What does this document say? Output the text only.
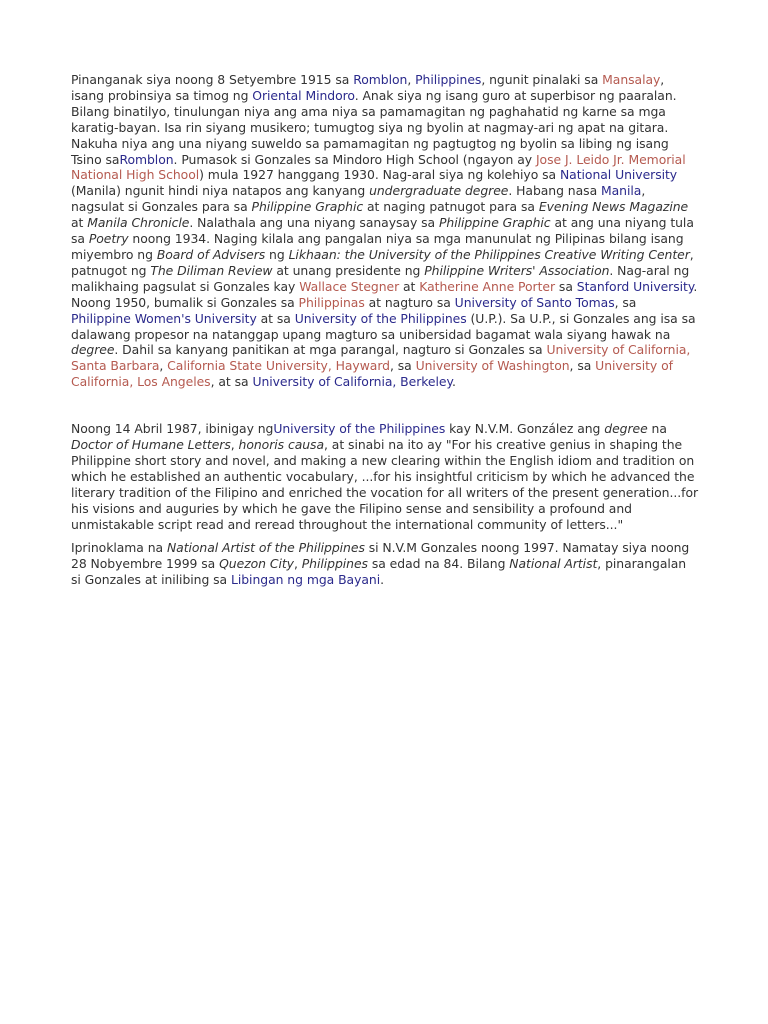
Pinanganak siya noong 8 Setyembre 1915 sa Romblon, Philippines, ngunit pinalaki sa Mansalay, isang probinsiya sa timog ng Oriental Mindoro. Anak siya ng isang guro at superbisor ng paaralan. Bilang binatilyo, tinulungan niya ang ama niya sa pamamagitan ng paghahatid ng karne sa mga karatig-bayan. Isa rin siyang musikero; tumugtog siya ng byolin at nagmay-ari ng apat na gitara. Nakuha niya ang una niyang suweldo sa pamamagitan ng pagtugtog ng byolin sa libing ng isang Tsino saRomblon. Pumasok si Gonzales sa Mindoro High School (ngayon ay Jose J. Leido Jr. Memorial National High School) mula 1927 hanggang 1930. Nag-aral siya ng kolehiyo sa National University (Manila) ngunit hindi niya natapos ang kanyang undergraduate degree. Habang nasa Manila, nagsulat si Gonzales para sa Philippine Graphic at naging patnugot para sa Evening News Magazine at Manila Chronicle. Nalathala ang una niyang sanaysay sa Philippine Graphic at ang una niyang tula sa Poetry noong 1934. Naging kilala ang pangalan niya sa mga manunulat ng Pilipinas bilang isang miyembro ng Board of Advisers ng Likhaan: the University of the Philippines Creative Writing Center, patnugot ng The Diliman Review at unang presidente ng Philippine Writers' Association. Nag-aral ng malikhaing pagsulat si Gonzales kay Wallace Stegner at Katherine Anne Porter sa Stanford University. Noong 1950, bumalik si Gonzales sa Philippinas at nagturo sa University of Santo Tomas, sa Philippine Women's University at sa University of the Philippines (U.P.). Sa U.P., si Gonzales ang isa sa dalawang propesor na natanggap upang magturo sa unibersidad bagamat wala siyang hawak na degree. Dahil sa kanyang panitikan at mga parangal, nagturo si Gonzales sa University of California, Santa Barbara, California State University, Hayward, sa University of Washington, sa University of California, Los Angeles, at sa University of California, Berkeley.

Noong 14 Abril 1987, ibinigay ngUniversity of the Philippines kay N.V.M. González ang degree na Doctor of Humane Letters, honoris causa, at sinabi na ito ay "For his creative genius in shaping the Philippine short story and novel, and making a new clearing within the English idiom and tradition on which he established an authentic vocabulary, ...for his insightful criticism by which he advanced the literary tradition of the Filipino and enriched the vocation for all writers of the present generation...for his visions and auguries by which he gave the Filipino sense and sensibility a profound and unmistakable script read and reread throughout the international community of letters..."

Iprinoklama na National Artist of the Philippines si N.V.M Gonzales noong 1997. Namatay siya noong 28 Nobyembre 1999 sa Quezon City, Philippines sa edad na 84. Bilang National Artist, pinarangalan si Gonzales at inilibing sa Libingan ng mga Bayani.
